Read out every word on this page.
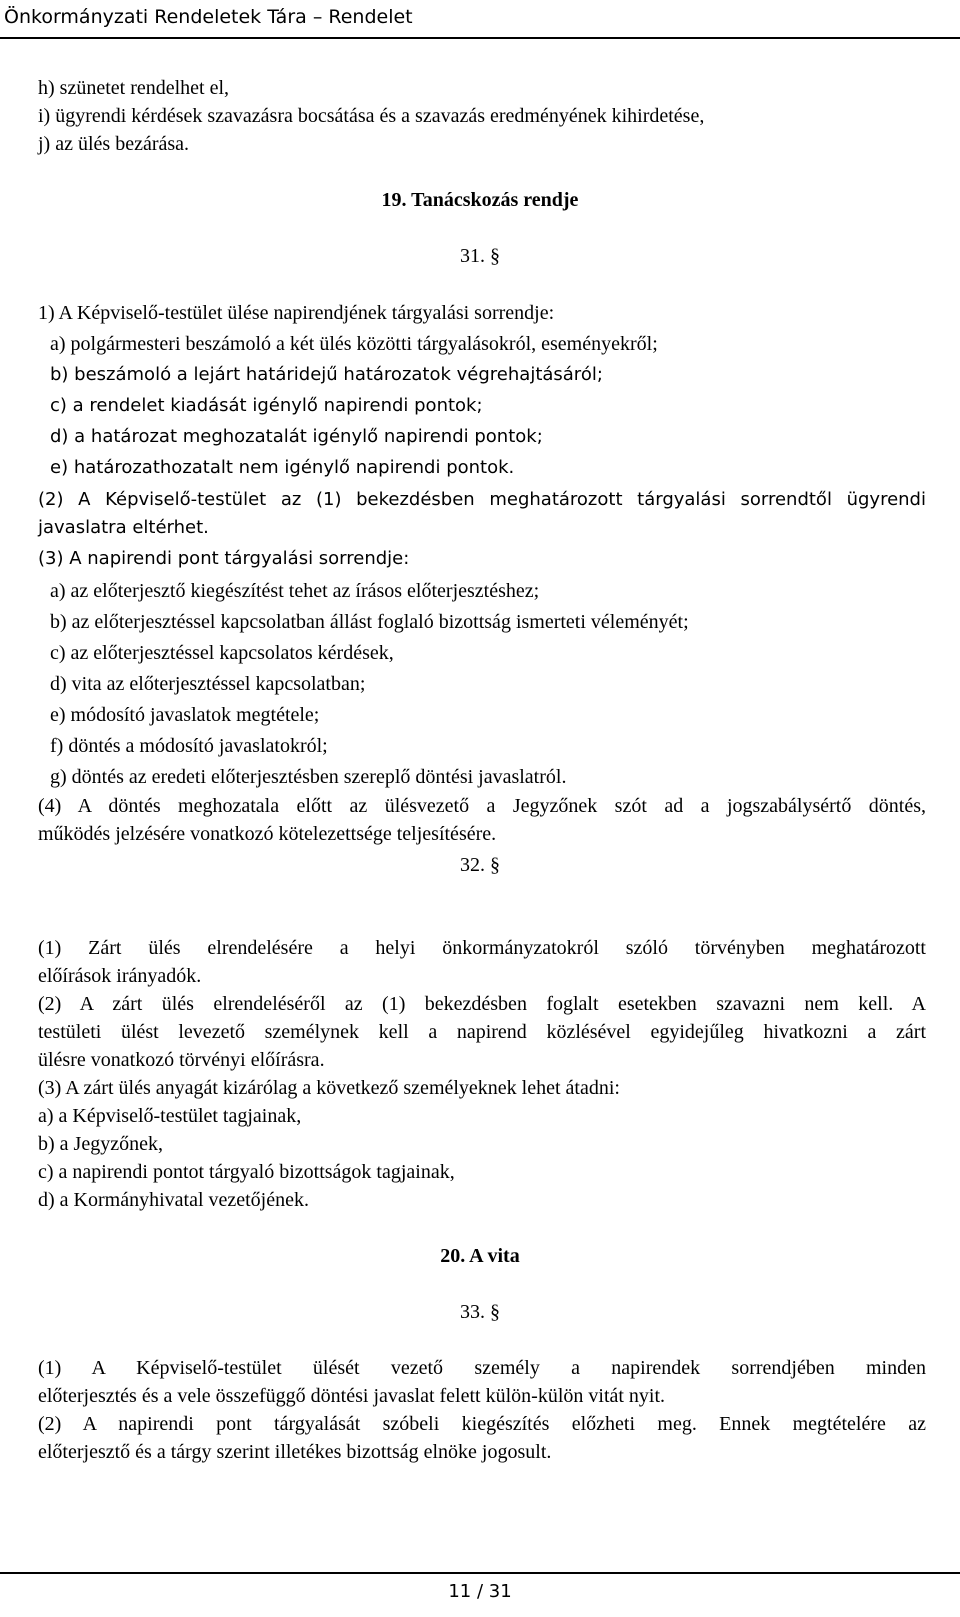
Önkormányzati Rendeletek Tára – Rendelet
h) szünetet rendelhet el,
i) ügyrendi kérdések szavazásra bocsátása és a szavazás eredményének kihirdetése,
j) az ülés bezárása.
19. Tanácskozás rendje
31. §
1) A Képviselő-testület ülése napirendjének tárgyalási sorrendje:
a) polgármesteri beszámoló a két ülés közötti tárgyalásokról, eseményekről;
b) beszámoló a lejárt határidejű határozatok végrehajtásáról;
c) a rendelet kiadását igénylő napirendi pontok;
d) a határozat meghozatalát igénylő napirendi pontok;
e) határozathozatalt nem igénylő napirendi pontok.
(2) A Képviselő-testület az (1) bekezdésben meghatározott tárgyalási sorrendtől ügyrendi
javaslatra eltérhet.
(3) A napirendi pont tárgyalási sorrendje:
a) az előterjesztő kiegészítést tehet az írásos előterjesztéshez;
b) az előterjesztéssel kapcsolatban állást foglaló bizottság ismerteti véleményét;
c) az előterjesztéssel kapcsolatos kérdések,
d) vita az előterjesztéssel kapcsolatban;
e) módosító javaslatok megtétele;
f) döntés a módosító javaslatokról;
g) döntés az eredeti előterjesztésben szereplő döntési javaslatról.
(4) A döntés meghozatala előtt az ülésvezető a Jegyzőnek szót ad a jogszabálysértő döntés,
működés jelzésére vonatkozó kötelezettsége teljesítésére.
32. §
(1) Zárt ülés elrendelésére a helyi önkormányzatokról szóló törvényben meghatározott
előírások irányadók.
(2) A zárt ülés elrendeléséről az (1) bekezdésben foglalt esetekben szavazni nem kell. A
testületi ülést levezető személynek kell a napirend közlésével egyidejűleg hivatkozni a zárt
ülésre vonatkozó törvényi előírásra.
(3) A zárt ülés anyagát kizárólag a következő személyeknek lehet átadni:
a) a Képviselő-testület tagjainak,
b) a Jegyzőnek,
c) a napirendi pontot tárgyaló bizottságok tagjainak,
d) a Kormányhivatal vezetőjének.
20. A vita
33. §
(1) A Képviselő-testület ülését vezető személy a napirendek sorrendjében minden
előterjesztés és a vele összefüggő döntési javaslat felett külön-külön vitát nyit.
(2) A napirendi pont tárgyalását szóbeli kiegészítés előzheti meg. Ennek megtételére az
előterjesztő és a tárgy szerint illetékes bizottság elnöke jogosult.
11 / 31
